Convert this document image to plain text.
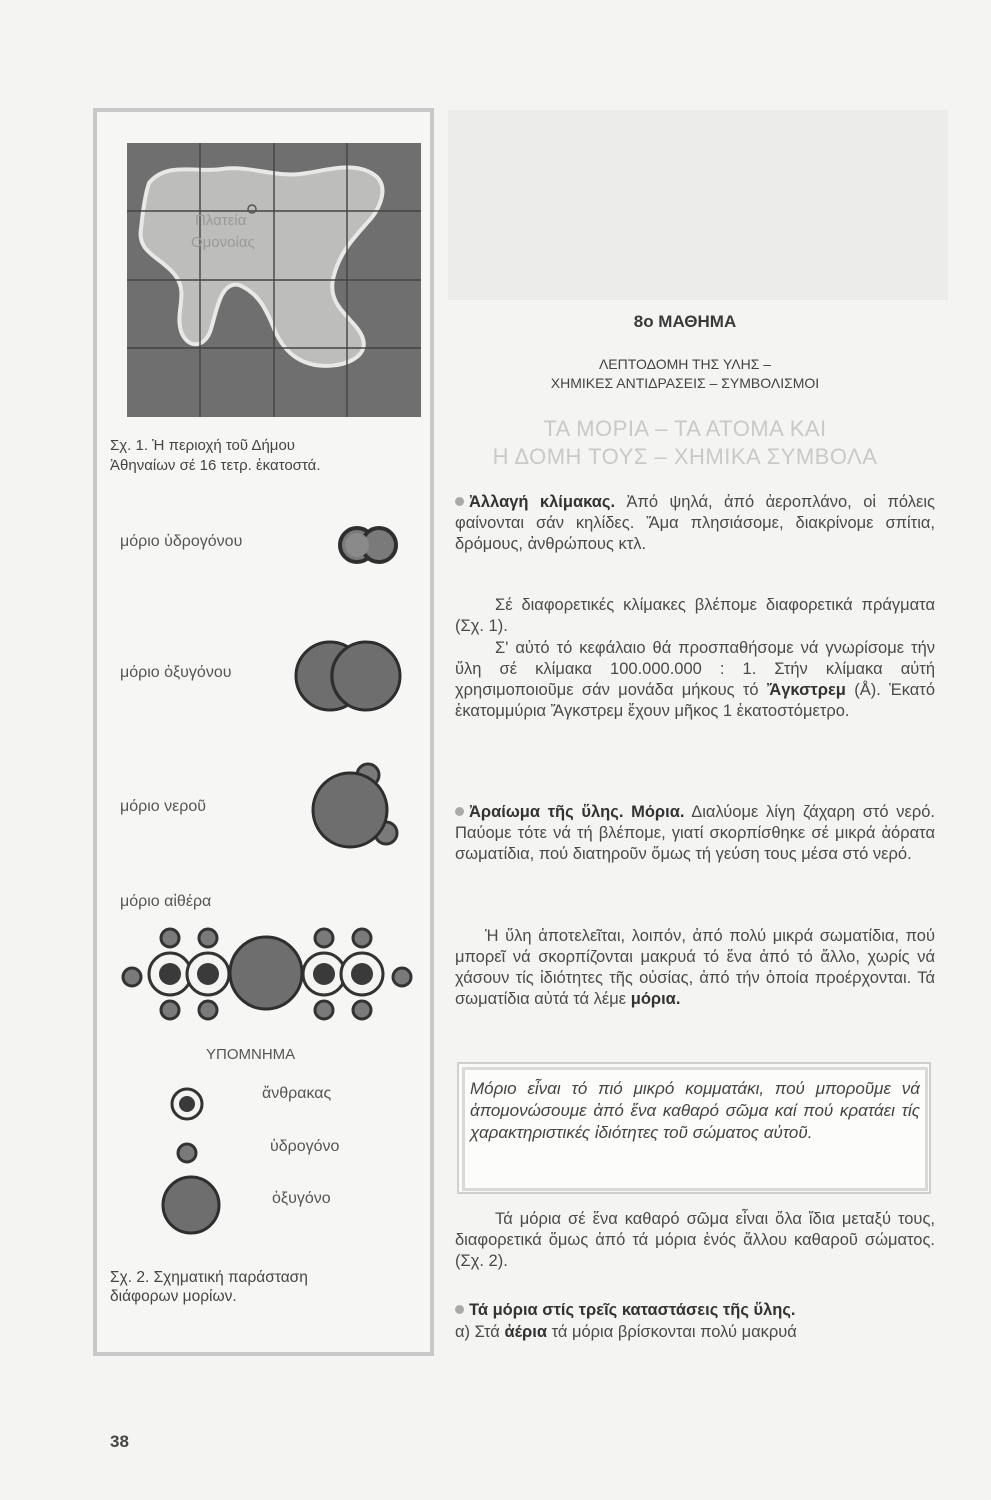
Πλατεία
Ομονοίας
Σχ. 1. Ἡ περιοχή τοῦ Δήμου
Ἀθηναίων σέ 16 τετρ. ἑκατοστά.
μόριο ὑδρογόνου
μόριο ὀξυγόνου
μόριο νεροῦ
μόριο αἰθέρα
ΥΠΟΜΝΗΜΑ
ἄνθρακας
ὑδρογόνο
ὀξυγόνο
Σχ. 2. Σχηματική παράσταση
διάφορων μορίων.
8ο ΜΑΘΗΜΑ
ΛΕΠΤΟΔΟΜΗ ΤΗΣ ΥΛΗΣ –
ΧΗΜΙΚΕΣ ΑΝΤΙΔΡΑΣΕΙΣ – ΣΥΜΒΟΛΙΣΜΟΙ
ΤΑ ΜΟΡΙΑ – ΤΑ ΑΤΟΜΑ ΚΑΙ
Η ΔΟΜΗ ΤΟΥΣ – ΧΗΜΙΚΑ ΣΥΜΒΟΛΑ
Ἀλλαγή κλίμακας. Ἀπό ψηλά, ἀπό ἀεροπλάνο, οἱ πόλεις φαίνονται σάν κηλίδες. Ἅμα πλησιάσομε, διακρίνομε σπίτια, δρόμους, ἀνθρώπους κτλ.
Σέ διαφορετικές κλίμακες βλέπομε διαφορετικά πράγματα (Σχ. 1).
Σ' αὐτό τό κεφάλαιο θά προσπαθήσομε νά γνωρίσομε τήν ὕλη σέ κλίμακα 100.000.000 : 1. Στήν κλίμακα αὐτή χρησιμοποιοῦμε σάν μονάδα μήκους τό Ἄγκστρεμ (Å). Ἑκατό ἑκατομμύρια Ἄγκστρεμ ἔχουν μῆκος 1 ἑκατοστόμετρο.
Ἀραίωμα τῆς ὕλης. Μόρια. Διαλύομε λίγη ζάχαρη στό νερό. Παύομε τότε νά τή βλέπομε, γιατί σκορπίσθηκε σέ μικρά ἀόρατα σωματίδια, πού διατηροῦν ὅμως τή γεύση τους μέσα στό νερό.
Ἡ ὕλη ἀποτελεῖται, λοιπόν, ἀπό πολύ μικρά σωματίδια, πού μπορεῖ νά σκορπίζονται μακρυά τό ἕνα ἀπό τό ἄλλο, χωρίς νά χάσουν τίς ἰδιότητες τῆς οὐσίας, ἀπό τήν ὁποία προέρχονται. Τά σωματίδια αὐτά τά λέμε μόρια.
Μόριο εἶναι τό πιό μικρό κομματάκι, πού μποροῦμε νά ἀπομονώσουμε ἀπό ἕνα καθαρό σῶμα καί πού κρατάει τίς χαρακτηριστικές ἰδιότητες τοῦ σώματος αὐτοῦ.
Τά μόρια σέ ἕνα καθαρό σῶμα εἶναι ὅλα ἴδια μεταξύ τους, διαφορετικά ὅμως ἀπό τά μόρια ἑνός ἄλλου καθαροῦ σώματος. (Σχ. 2).
Τά μόρια στίς τρεῖς καταστάσεις τῆς ὕλης.
α) Στά ἀέρια τά μόρια βρίσκονται πολύ μακρυά
38
